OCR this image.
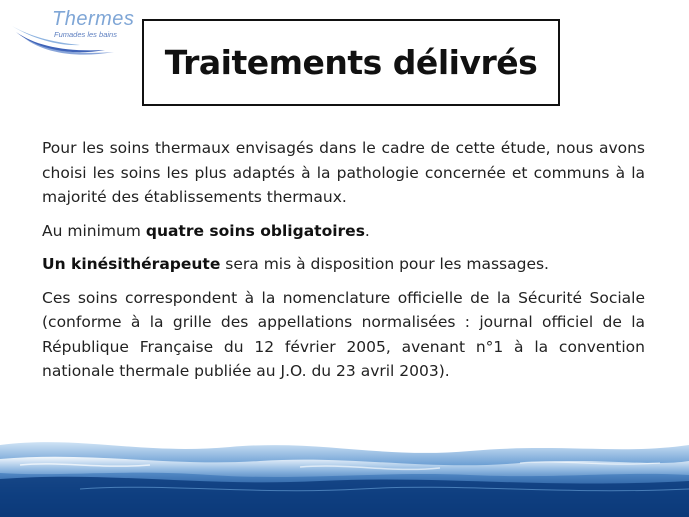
Thermes
Fumades les bains
Traitements délivrés

Pour les soins thermaux envisagés dans le cadre de cette étude, nous avons choisi les soins les plus adaptés à la pathologie concernée et communs à la majorité des établissements thermaux.

Au minimum quatre soins obligatoires.

Un kinésithérapeute sera mis à disposition pour les massages.

Ces soins correspondent à la nomenclature officielle de la Sécurité Sociale (conforme à la grille des appellations normalisées : journal officiel de la République Française du 12 février 2005, avenant n°1 à la convention nationale thermale publiée au J.O. du 23 avril 2003).
